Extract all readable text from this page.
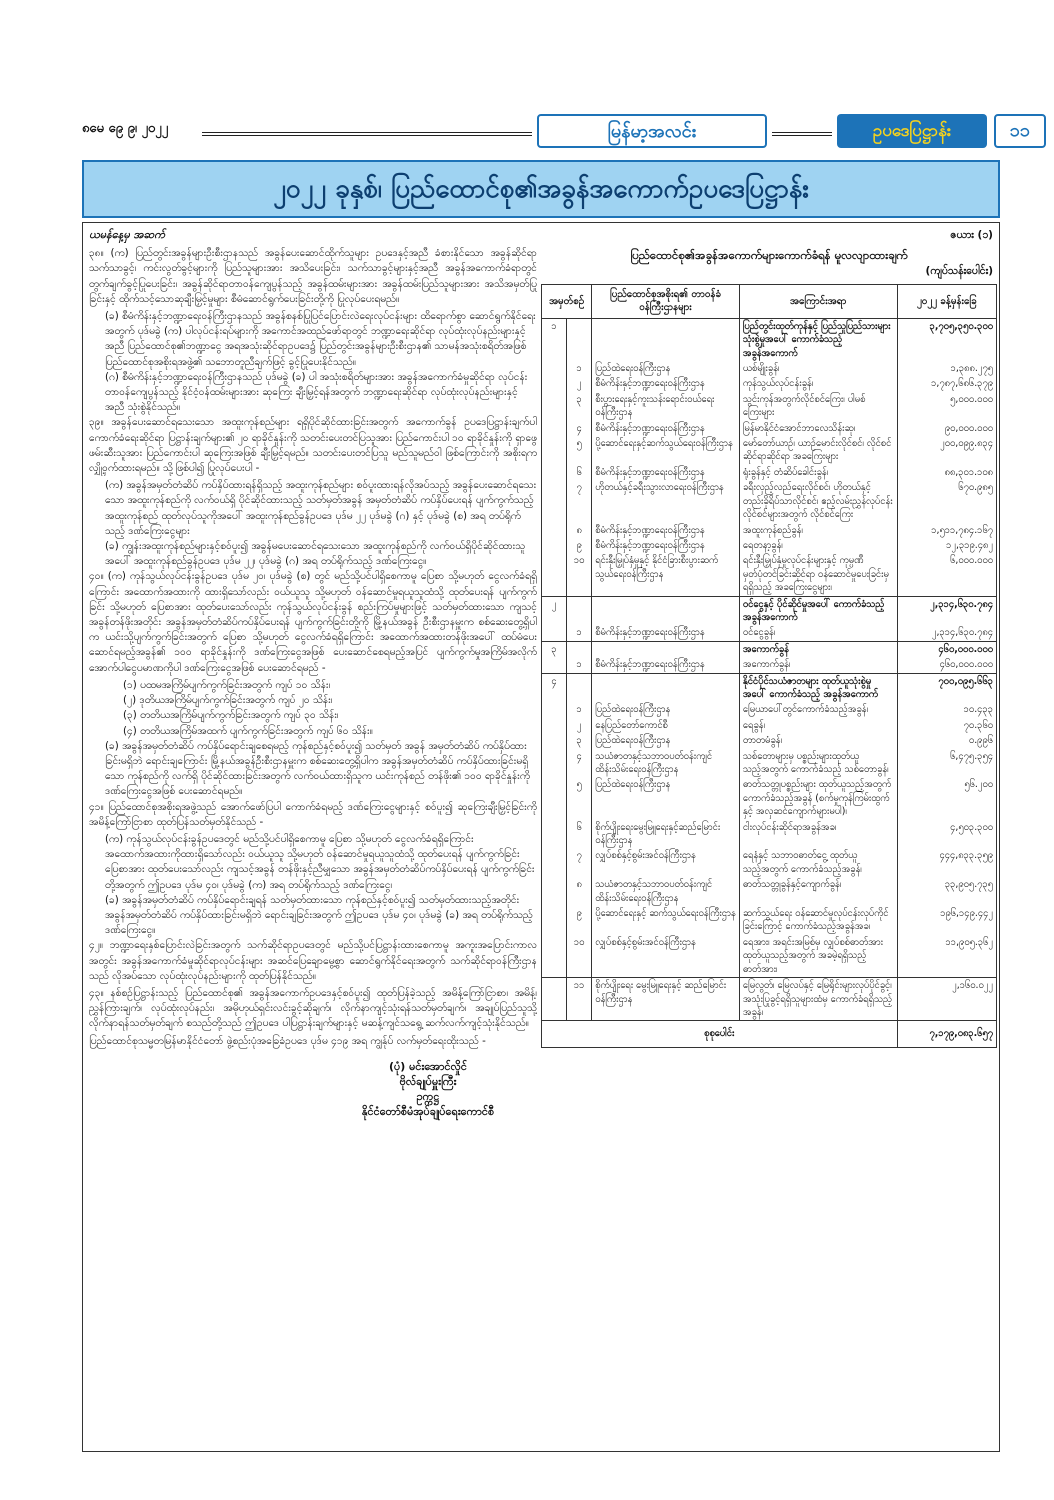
၈မေ ၉ေ ၉၊ ၂၀၂၂	မြန်မာ့အလင်း	ဥပဒေပြဋ္ဌာန်း	၁၁
၂၀၂၂ ခုနှစ်၊ ပြည်ထောင်စု၏အခွန်အကောက်ဥပဒေပြဋ္ဌာန်း
ယမန်နေ့မှ အဆက်
၃၈။ (က) ပြည်တွင်းအခွန်များဦးစီးဌာနသည် အခွန်ပေးဆောင်ထိုက်သူများ ဥပဒေနှင့်အညီ ခံစားနိုင်သော အခွန်ဆိုင်ရာသက်သာခွင့်၊ ကင်းလွတ်ခွင့်များကို ပြည်သူများအား အသိပေးခြင်း၊ သက်သာခွင့်များနှင့်အညီ အခွန်အကောက်ခံရာတွင် တွက်ချက်ခွင့်ပြုပေးခြင်း၊ အခွန်ဆိုင်ရာတာဝန်ကျေပွန်သည့် အခွန်ထမ်းများအား အခွန်ထမ်းပြည်သူများအား အသိအမှတ်ပြုခြင်းနှင့် ထိုက်သင့်သောဆုချီးမြှင့်မှုများ စီမံဆောင်ရွက်ပေးခြင်းတို့ကို ပြုလုပ်ပေးရမည်။
(ခ) စီမံကိန်းနှင့်ဘဏ္ဍာရေးဝန်ကြီးဌာနသည် အခွန်စနစ်ပြုပြင်ပြောင်းလဲရေးလုပ်ငန်းများ ထိရောက်စွာ ဆောင်ရွက်နိုင်ရေးအတွက် ပုဒ်မခွဲ (က) ပါလုပ်ငန်းရပ်များကို အကောင်အထည်ဖော်ရာတွင် ဘဏ္ဍာရေးဆိုင်ရာ လုပ်ထုံးလုပ်နည်းများနှင့်အညီ ပြည်ထောင်စု၏ဘဏ္ဍာငွေ အရအသုံးဆိုင်ရာဥပဒေ၌ ပြည်တွင်းအခွန်များဦးစီးဌာန၏ သာမန်အသုံးစရိတ်အဖြစ် ပြည်ထောင်စုအစိုးရအဖွဲ့၏ သဘောတူညီချက်ဖြင့် ခွင့်ပြုပေးနိုင်သည်။
(ဂ) စီမံကိန်းနှင့်ဘဏ္ဍာရေးဝန်ကြီးဌာနသည် ပုဒ်မခွဲ (ခ) ပါ အသုံးစရိတ်များအား အခွန်အကောက်ခံမှုဆိုင်ရာ လုပ်ငန်းတာဝန်ကျေပွန်သည့် နိုင်ငံ့ဝန်ထမ်းများအား ဆုကြေး ချီးမြှင့်ရန်အတွက် ဘဏ္ဍာရေးဆိုင်ရာ လုပ်ထုံးလုပ်နည်းများနှင့်အညီ သုံးစွဲနိုင်သည်။
၃၉။ အခွန်ပေးဆောင်ရသေးသော အထူးကုန်စည်များ ရရှိပိုင်ဆိုင်ထားခြင်းအတွက် အကောက်ခွန် ဥပဒေပြဋ္ဌာန်းချက်ပါ ကောက်ခံရေးဆိုင်ရာ ပြဋ္ဌာန်းချက်များ၏ ၂၀ ရာခိုင်နှုန်းကို သတင်းပေးတင်ပြသူအား ပြည်ကောင်းပါ ၁၀ ရာခိုင်နှုန်းကို ရှာဖွေဖမ်းဆီးသူအား ပြည်ကောင်းပါ ဆုကြေးအဖြစ် ချီးမြှင့်ရမည်။ သတင်းပေးတင်ပြသူ မည်သူမည်ဝါ ဖြစ်ကြောင်းကို အစိုးရက လျှို့ဝှက်ထားရမည်။ သို့ဖြစ်ပါ၍ ပြုလုပ်ပေးပါ -
(က) အခွန်အမှတ်တံဆိပ် ကပ်နှိပ်ထားရန်ရှိသည့် အထူးကုန်စည်များ စဝ်ပူးထားရန်လိုအပ်သည့် အခွန်ပေးဆောင်ရသေးသော အထူးကုန်စည်ကို လက်ဝယ်ရှိ ပိုင်ဆိုင်ထားသည့် သတ်မှတ်အခွန် အမှတ်တံဆိပ် ကပ်နှိပ်ပေးရန် ပျက်ကွက်သည့်အထူးကုန်စည် ထုတ်လုပ်သူကိုအပေါ် အထူးကုန်စည်ခွန်ဥပဒေ ပုဒ်မ ၂၂ ပုဒ်မခွဲ (ဂ) နှင့် ပုဒ်မခွဲ (စ) အရ တပ်ရိုက်သည့် ဒဏ်ကြေးငွေများ
(ခ) ကျွန်းအထူးကုန်စည်များနှင့်စဝ်ပူး၍ အခွန်မပေးဆောင်ရသေးသော အထူးကုန်စည်ကို လက်ဝယ်ရှိပိုင်ဆိုင်ထားသူအပေါ် အထူးကုန်စည်ခွန်ဥပဒေ ပုဒ်မ ၂၂၊ ပုဒ်မခွဲ (ဂ) အရ တပ်ရိုက်သည့် ဒဏ်ကြေးငွေ။
၄၀။ (က) ကုန်သွယ်လုပ်ငန်းခွန်ဥပဒေ ပုဒ်မ ၂၀၊ ပုဒ်မခွဲ (စ) တွင် မည်သို့ပင်ပါရှိစေကာမူ ပြေစာ သို့မဟုတ် ငွေလက်ခံရရှိကြောင်း အထောက်အထားကို ထားရှိသော်လည်း ဝယ်ယူသူ သို့မဟုတ် ဝန်ဆောင်မှုရယူသူထံသို့ ထုတ်ပေးရန် ပျက်ကွက်ခြင်း သို့မဟုတ် ပြေစာအား ထုတ်ပေးသော်လည်း ကုန်သွယ်လုပ်ငန်းခွန် စည်းကြပ်မှုများဖြင့် သတ်မှတ်ထားသော ကျသင့်အခွန်တန်ဖိုးအတိုင်း အခွန်အမှတ်တံဆိပ်ကပ်နှိပ်ပေးရန် ပျက်ကွက်ခြင်းတို့ကို မြို့နယ်အခွန် ဦးစီးဌာနမှူးက စစ်ဆေးတွေ့ရှိပါက ယင်းသို့ပျက်ကွက်ခြင်းအတွက် ပြေစာ သို့မဟုတ် ငွေလက်ခံရရှိကြောင်း အထောက်အထားတန်ဖိုးအပေါ် ထပ်မံပေးဆောင်ရမည့်အခွန်၏ ၁၀၀ ရာခိုင်နှုန်းကို ဒဏ်ကြေးငွေအဖြစ် ပေးဆောင်စေရမည့်အပြင် ပျက်ကွက်မှုအကြိမ်အလိုက် အောက်ပါငွေပမာဏကိုပါ ဒဏ်ကြေးငွေအဖြစ် ပေးဆောင်ရမည် -
(၁) ပထမအကြိမ်ပျက်ကွက်ခြင်းအတွက် ကျပ် ၁၀ သိန်း၊
(၂) ဒုတိယအကြိမ်ပျက်ကွက်ခြင်းအတွက် ကျပ် ၂၀ သိန်း၊
(၃) တတိယအကြိမ်ပျက်ကွက်ခြင်းအတွက် ကျပ် ၃၀ သိန်း၊
(၄) တတိယအကြိမ်အထက် ပျက်ကွက်ခြင်းအတွက် ကျပ် ၆၀ သိန်း။
(ခ) အခွန်အမှတ်တံဆိပ် ကပ်နှိပ်ရောင်းချစေရမည့် ကုန်စည်နှင့်စဝ်ပူး၍ သတ်မှတ် အခွန် အမှတ်တံဆိပ် ကပ်နှိပ်ထားခြင်းမရှိဘဲ ရောင်းချကြောင်း မြို့နယ်အခွန်ဦးစီးဌာနမှူးက စစ်ဆေးတွေ့ရှိပါက အခွန်အမှတ်တံဆိပ် ကပ်နှိပ်ထားခြင်းမရှိသော ကုန်စည်ကို လက်ရှိ ပိုင်ဆိုင်ထားခြင်းအတွက် လက်ဝယ်ထားရှိသူက ယင်းကုန်စည် တန်ဖိုး၏ ၁၀၀ ရာခိုင်နှုန်းကို ဒဏ်ကြေးငွေအဖြစ် ပေးဆောင်ရမည်။
၄၁။ ပြည်ထောင်စုအစိုးရအဖွဲ့သည် အောက်ဖော်ပြပါ ကောက်ခံရမည့် ဒဏ်ကြေးငွေများနှင့် စဝ်ပူး၍ ဆုကြေးချီးမြှင့်ခြင်းကို အမိန့်ကြော်ငြာစာ ထုတ်ပြန်သတ်မှတ်နိုင်သည် -
(က) ကုန်သွယ်လုပ်ငန်းခွန်ဥပဒေတွင် မည်သို့ပင်ပါရှိစေကာမူ ပြေစာ သို့မဟုတ် ငွေလက်ခံရရှိကြောင်း အထောက်အထားကိုထားရှိသော်လည်း ဝယ်ယူသူ သို့မဟုတ် ဝန်ဆောင်မှုရယူသူထံသို့ ထုတ်ပေးရန် ပျက်ကွက်ခြင်း ပြေစာအား ထုတ်ပေးသော်လည်း ကျသင့်အခွန် တန်ဖိုးနှင့်ညီမျှသော အခွန်အမှတ်တံဆိပ်ကပ်နှိပ်ပေးရန် ပျက်ကွက်ခြင်းတို့အတွက် ဤဥပဒေ ပုဒ်မ ၄၀၊ ပုဒ်မခွဲ (က) အရ တပ်ရိုက်သည့် ဒဏ်ကြေးငွေ၊
(ခ) အခွန်အမှတ်တံဆိပ် ကပ်နှိပ်ရောင်းချရန် သတ်မှတ်ထားသော ကုန်စည်နှင့်စဝ်ပူး၍ သတ်မှတ်ထားသည့်အတိုင်း အခွန်အမှတ်တံဆိပ် ကပ်နှိပ်ထားခြင်းမရှိဘဲ ရောင်းချခြင်းအတွက် ဤဥပဒေ ပုဒ်မ ၄၀၊ ပုဒ်မခွဲ (ခ) အရ တပ်ရိုက်သည့် ဒဏ်ကြေးငွေ။
၄၂။ ဘဏ္ဍာရေးနှစ်ပြောင်းလဲခြင်းအတွက် သက်ဆိုင်ရာဥပဒေတွင် မည်သို့ပင်ပြဋ္ဌာန်းထားစေကာမူ အကူးအပြောင်းကာလအတွင်း အခွန်အကောက်ခံမှုဆိုင်ရာလုပ်ငန်းများ အဆင်ပြေချောမွေ့စွာ ဆောင်ရွက်နိုင်ရေးအတွက် သက်ဆိုင်ရာဝန်ကြီးဌာနသည် လိုအပ်သော လုပ်ထုံးလုပ်နည်းများကို ထုတ်ပြန်နိုင်သည်။
၄၃။ နစ်စဉ်ပြဋ္ဌာန်းသည့် ပြည်ထောင်စု၏ အခွန်အကောက်ဥပဒေနှင့်စဝ်ပူး၍ ထုတ်ပြန်ခဲ့သည့် အမိန့်ကြော်ငြာစာ၊ အမိန့်၊ ညွှန်ကြားချက်၊ လုပ်ထုံးလုပ်နည်း၊ အမိုဟုယ်ရှင်းလင်းခွင့်ဆိုချက်၊ လိုက်နာကျင့်သုံးရန်သတ်မှတ်ချက်၊ အချုပ်ပြည်သူသို့လိုက်နာရန်သတ်မှတ်ချက် စသည်တို့သည် ဤဥပဒေ ပါပြဋ္ဌာန်းချက်များနှင့် မဆန့်ကျင်သရွေ့ ဆက်လက်ကျင့်သုံးနိုင်သည်။
ပြည်ထောင်စုသမ္မတမြန်မာနိုင်ငံတော် ဖွဲ့စည်းပုံအခြေခံဥပဒေ ပုဒ်မ ၄၁၉ အရ ကျွန်ုပ် လက်မှတ်ရေးထိုးသည် -
(ပုံ) မင်းအောင်လှိုင်
ဗိုလ်ချုပ်မှူးကြီး
ဥက္ကဋ္ဌ
နိုင်ငံတော်စီမံအုပ်ချုပ်ရေးကောင်စီ
ဇယား (၁)
ပြည်ထောင်စု၏အခွန်အကောက်များကောက်ခံရန် မူလလျာထားချက်
(ကျပ်သန်းပေါင်း)
အမှတ်စဉ်		ပြည်ထောင်စုအစိုးရ၏ တာဝန်ခံဝန်ကြီးဌာနများ	အကြောင်းအရာ	၂၀၂၂ ခန့်မှန်းခြေ
၁			ပြည်တွင်းထုတ်ကုန်နှင့် ပြည်သူပြည်သားများ သုံးစွဲမှုအပေါ် ကောက်ခံသည့် အခွန်အကောက်	၃,၇၀၅,၃၅၀.၃၀၀
	၁	ပြည်ထဲရေးဝန်ကြီးဌာန	ယစ်မျိုးခွန်၊	၁,၃၈၈.၂၇၅
	၂	စီမံကိန်းနှင့်ဘဏ္ဍာရေးဝန်ကြီးဌာန	ကုန်သွယ်လုပ်ငန်းခွန်၊	၁,၇၈၇,၆၈၆.၃၇၉
	၃	စီးပွားရေးနှင့်ကူးသန်းရောင်းဝယ်ရေးဝန်ကြီးဌာန	သွင်းကုန်အတွက်လိုင်စင်ကြေး၊ ပါမစ်ကြေးများ	၅,၀၀၀.၀၀၀
	၄	စီမံကိန်းနှင့်ဘဏ္ဍာရေးဝန်ကြီးဌာန	မြန်မာနိုင်ငံအောင်ဘာလေသိန်းဆု၊	၉၀,၀၀၀.၀၀၀
	၅	ပို့ဆောင်ရေးနှင့်ဆက်သွယ်ရေးဝန်ကြီးဌာန	မော်တော်ယာဉ်၊ ယာဉ်မောင်းလိုင်စင်၊ လိုင်စင်ဆိုင်ရာဆိုင်ရာ အခကြေးများ	၂၀၀,၀၉၉.၈၃၄
	၆	စီမံကိန်းနှင့်ဘဏ္ဍာရေးဝန်ကြီးဌာန	ရုံးခွန်နှင့် တံဆိပ်ခေါင်းခွန်၊	၈၈,၃၀၁.၁၀၈
	၇	ဟိုတယ်နှင့်ခရီးသွားလာရေးဝန်ကြီးဌာန	ခရီးလှည့်လည်ရေးလိုင်စင်၊ ဟိုတယ်နှင့်တည်းခိုရိပ်သာလိုင်စင်၊ ဧည့်လမ်းညွှန်လုပ်ငန်းလိုင်စင်များအတွက် လိုင်စင်ကြေး	၆၇၀.၉၈၅
	၈	စီမံကိန်းနှင့်ဘဏ္ဍာရေးဝန်ကြီးဌာန	အထူးကုန်စည်ခွန်၊	၁,၅၁၁,၇၈၄.၁၆၇
	၉	စီမံကိန်းနှင့်ဘဏ္ဍာရေးဝန်ကြီးဌာန	ရေတနာ့ခွန်၊	၁၂,၃၁၉.၄၈၂
	၁၀	ရင်းနှီးမြှုပ်နှံမှုနှင့် နိုင်ငံခြားစီးပွားဆက်သွယ်ရေးဝန်ကြီးဌာန	ရင်းနှီးမြှုပ်နှံမှုလုပ်ငန်းများနှင့် ကုမ္ပဏီမှတ်ပုံတင်ခြင်းဆိုင်ရာ ဝန်ဆောင်မှုပေးခြင်းမှရရှိသည့် အခကြေးငွေများ၊	၆,၀၀၀.၀၀၀
၂			ဝင်ငွေနှင့် ပိုင်ဆိုင်မှုအပေါ် ကောက်ခံသည့် အခွန်အကောက်	၂,၃၁၄,၆၃၀.၇၈၄
	၁	စီမံကိန်းနှင့်ဘဏ္ဍာရေးဝန်ကြီးဌာန	ဝင်ငွေခွန်၊	၂,၃၁၄,၆၃၀.၇၈၄
၃			အကောက်ခွန်	၄၆၀,၀၀၀.၀၀၀
	၁	စီမံကိန်းနှင့်ဘဏ္ဍာရေးဝန်ကြီးဌာန	အကောက်ခွန်၊	၄၆၀,၀၀၀.၀၀၀
၄			နိုင်ငံပိုင်သယံဇာတများ ထုတ်ယူသုံးစွဲမှုအပေါ် ကောက်ခံသည့် အခွန်အကောက်	၇၀၀,၀၉၅.၆၆၃
	၁	ပြည်ထဲရေးဝန်ကြီးဌာန	မြေယာပေါ်တွင်ကောက်ခံသည့်အခွန်၊	၁၀.၄၃၃
	၂	နေပြည်တော်ကောင်စီ	ရေခွန်၊	၇၀.၃၆၀
	၃	ပြည်ထဲရေးဝန်ကြီးဌာန	တာတမံခွန်၊	၀.၉၉၆
	၄	သယံဇာတနှင့်သဘာဝပတ်ဝန်းကျင်ထိန်းသိမ်းရေးဝန်ကြီးဌာန	သစ်တောများမှ ပစ္စည်းများထုတ်ယူသည့်အတွက် ကောက်ခံသည့် သစ်တောခွန်၊	၆,၄၇၅.၃၅၄
	၅	ပြည်ထဲရေးဝန်ကြီးဌာန	ဓာတ်သတ္တုပစ္စည်းများ ထုတ်ယူသည့်အတွက် ကောက်ခံသည့်အခွန် (စက်မှုကုန်ကြမ်းထွက်နှင့် အလှဆင်ကျောက်များမပါ)၊	၅၆.၂၀၀
	၆	စိုက်ပျိုးရေးမွေးမြူရေးနှင့်ဆည်မြောင်းဝန်ကြီးဌာန	ငါးလုပ်ငန်းဆိုင်ရာအခွန်အခ၊	၄,၅၀၃.၃၀၀
	၇	လျှပ်စစ်နှင့်စွမ်းအင်ဝန်ကြီးဌာန	ရေနံနှင့် သဘာဝဓာတ်ငွေ့ ထုတ်ယူသည့်အတွက် ကောက်ခံသည့်အခွန်၊	၄၄၄,၈၃၃.၃၅၉
	၈	သယံဇာတနှင့်သဘာဝပတ်ဝန်းကျင်ထိန်းသိမ်းရေးဝန်ကြီးဌာန	ဓာတ်သတ္တုခွန်နှင့်ကျောက်ခွန်၊	၃၃,၉၀၅.၇၃၅
	၉	ပို့ဆောင်ရေးနှင့် ဆက်သွယ်ရေးဝန်ကြီးဌာန	ဆက်သွယ်ရေး ဝန်ဆောင်မှုလုပ်ငန်းလုပ်ကိုင်ခြင်းကြောင့် ကောက်ခံသည့်အခွန်အခ၊	၁၉၆,၁၄၉.၄၄၂
	၁၀	လျှပ်စစ်နှင့်စွမ်းအင်ဝန်ကြီးဌာန	ရေအား၊ အရင်းအမြစ်မှ လျှပ်စစ်ဓာတ်အား ထုတ်ယူသည့်အတွက် အခမဲ့ရရှိသည့် ဓာတ်အား၊	၁၁,၉၀၅.၃၆၂
	၁၁	စိုက်ပျိုးရေး မွေးမြူရေးနှင့် ဆည်မြောင်းဝန်ကြီးဌာန	မြေလွတ်၊ မြေလပ်နှင့် မြေရိုင်းများလုပ်ပိုင်ခွင့်၊ အသုံးပြုခွင့်ရရှိသူများထံမှ ကောက်ခံရရှိသည့်အခွန်၊	၂,၁၆၀.၀၂၂
စုစုပေါင်း				၇,၁၇၉,၀၈၃.၆၅၇
